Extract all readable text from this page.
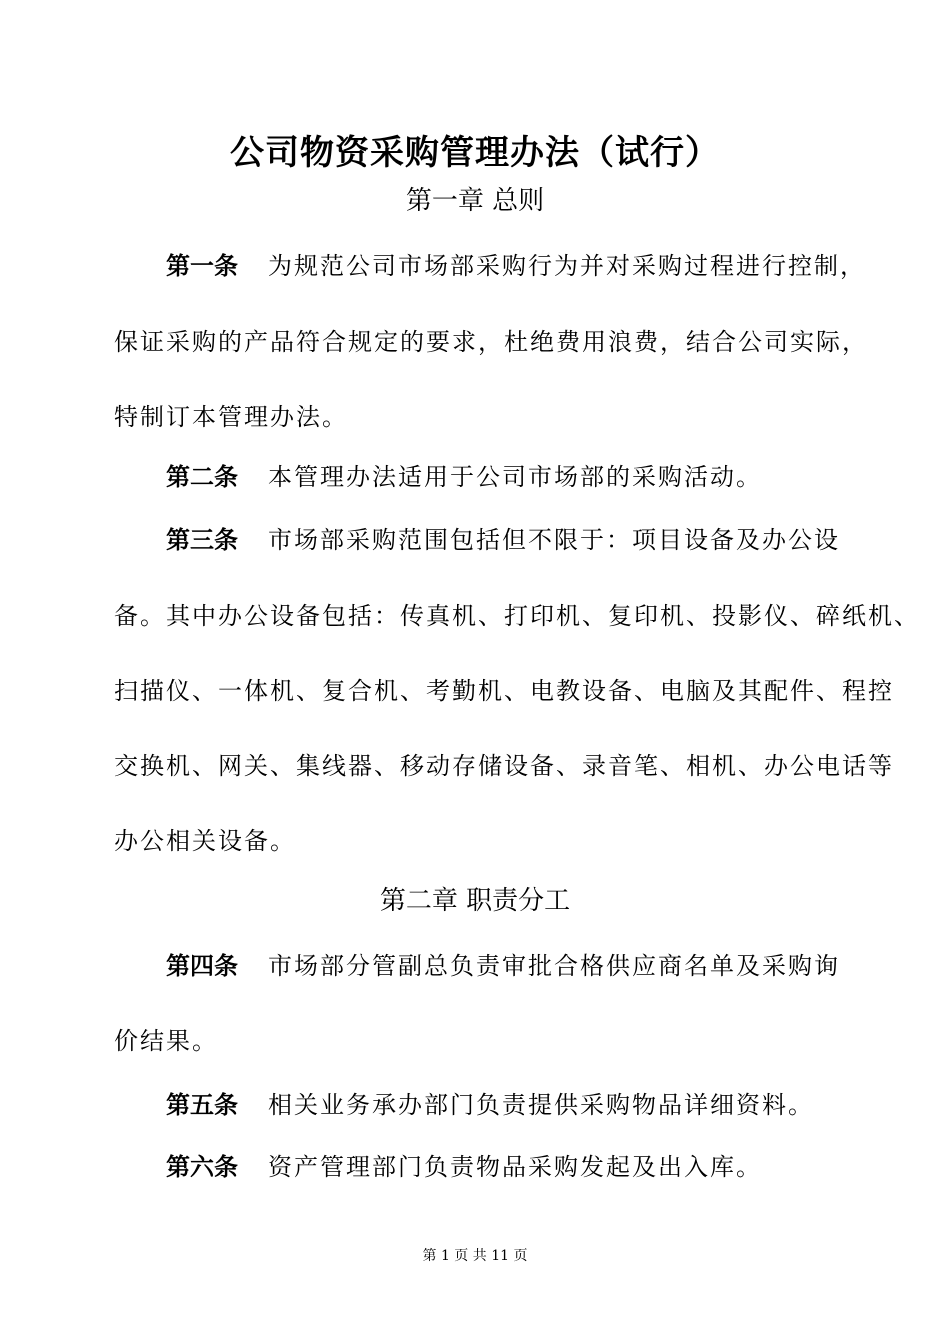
公司物资采购管理办法（试行）
第一章 总则
第一条 为规范公司市场部采购行为并对采购过程进行控制，
保证采购的产品符合规定的要求，杜绝费用浪费，结合公司实际，
特制订本管理办法。
第二条 本管理办法适用于公司市场部的采购活动。
第三条 市场部采购范围包括但不限于：项目设备及办公设
备。其中办公设备包括：传真机、打印机、复印机、投影仪、碎纸机、
扫描仪、一体机、复合机、考勤机、电教设备、电脑及其配件、程控
交换机、网关、集线器、移动存储设备、录音笔、相机、办公电话等
办公相关设备。
第二章 职责分工
第四条 市场部分管副总负责审批合格供应商名单及采购询
价结果。
第五条 相关业务承办部门负责提供采购物品详细资料。
第六条 资产管理部门负责物品采购发起及出入库。
第 1 页 共 11 页
